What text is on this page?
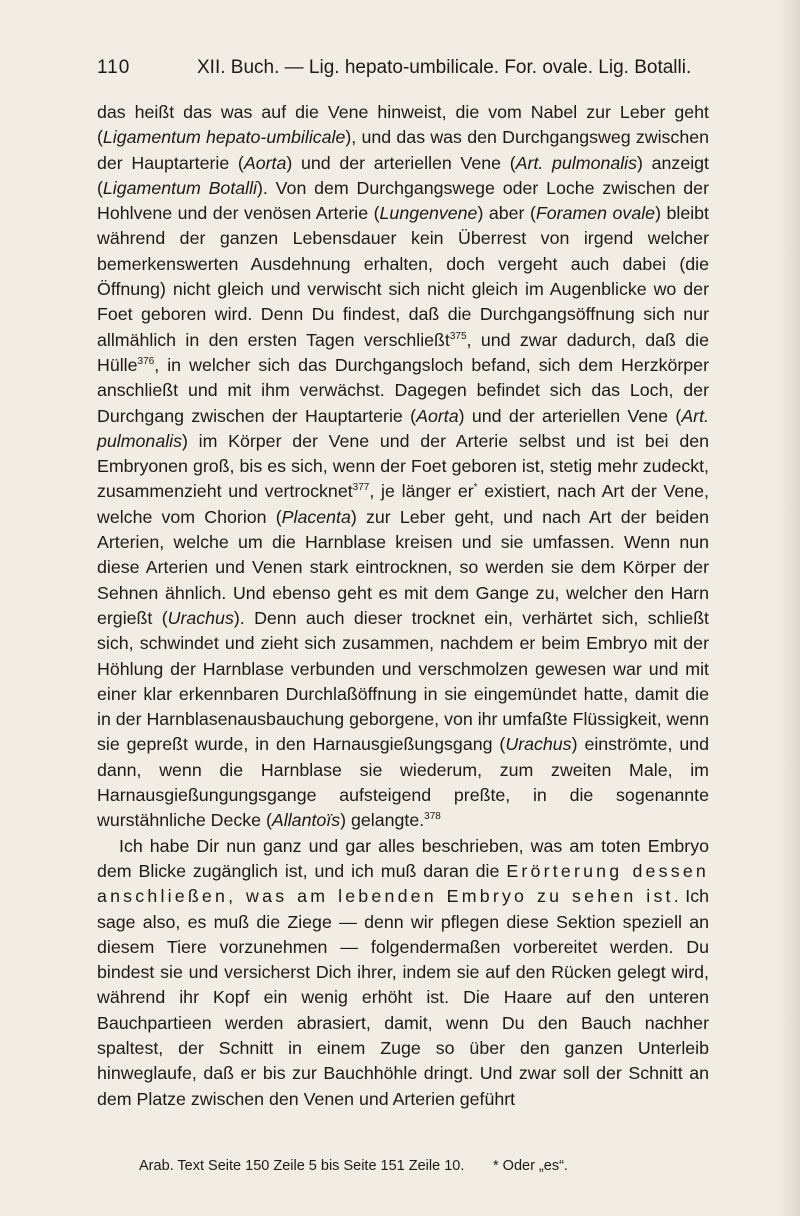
110	XII. Buch. — Lig. hepato-umbilicale. For. ovale. Lig. Botalli.

das heißt das was auf die Vene hinweist, die vom Nabel zur Leber geht (Ligamentum hepato-umbilicale), und das was den Durchgangsweg zwischen der Hauptarterie (Aorta) und der arteriellen Vene (Art. pulmonalis) anzeigt (Ligamentum Botalli). Von dem Durchgangswege oder Loche zwischen der Hohlvene und der venösen Arterie (Lungenvene) aber (Foramen ovale) bleibt während der ganzen Lebensdauer kein Überrest von irgend welcher bemerkenswerten Ausdehnung erhalten, doch vergeht auch dabei (die Öffnung) nicht gleich und verwischt sich nicht gleich im Augenblicke wo der Foet geboren wird. Denn Du findest, daß die Durchgangsöffnung sich nur allmählich in den ersten Tagen verschließt$^{375}$, und zwar dadurch, daß die Hülle$^{376}$, in welcher sich das Durchgangsloch befand, sich dem Herzkörper anschließt und mit ihm verwächst. Dagegen befindet sich das Loch, der Durchgang zwischen der Hauptarterie (Aorta) und der arteriellen Vene (Art. pulmonalis) im Körper der Vene und der Arterie selbst und ist bei den Embryonen groß, bis es sich, wenn der Foet geboren ist, stetig mehr zudeckt, zusammenzieht und vertrocknet$^{377}$, je länger er* existiert, nach Art der Vene, welche vom Chorion (Placenta) zur Leber geht, und nach Art der beiden Arterien, welche um die Harnblase kreisen und sie umfassen. Wenn nun diese Arterien und Venen stark eintrocknen, so werden sie dem Körper der Sehnen ähnlich. Und ebenso geht es mit dem Gange zu, welcher den Harn ergießt (Urachus). Denn auch dieser trocknet ein, verhärtet sich, schließt sich, schwindet und zieht sich zusammen, nachdem er beim Embryo mit der Höhlung der Harnblase verbunden und verschmolzen gewesen war und mit einer klar erkennbaren Durchlaßöffnung in sie eingemündet hatte, damit die in der Harnblasenausbauchung geborgene, von ihr umfaßte Flüssigkeit, wenn sie gepreßt wurde, in den Harnausgießungsgang (Urachus) einströmte, und dann, wenn die Harnblase sie wiederum, zum zweiten Male, im Harnausgießungungsgange aufsteigend preßte, in die sogenannte wurstähnliche Decke (Allantoïs) gelangte.$^{378}$

Ich habe Dir nun ganz und gar alles beschrieben, was am toten Embryo dem Blicke zugänglich ist, und ich muß daran die Erörterung dessen anschließen, was am lebenden Embryo zu sehen ist. Ich sage also, es muß die Ziege — denn wir pflegen diese Sektion speziell an diesem Tiere vorzunehmen — folgendermaßen vorbereitet werden. Du bindest sie und versicherst Dich ihrer, indem sie auf den Rücken gelegt wird, während ihr Kopf ein wenig erhöht ist. Die Haare auf den unteren Bauchpartieen werden abrasiert, damit, wenn Du den Bauch nachher spaltest, der Schnitt in einem Zuge so über den ganzen Unterleib hinweglaufe, daß er bis zur Bauchhöhle dringt. Und zwar soll der Schnitt an dem Platze zwischen den Venen und Arterien geführt

Arab. Text Seite 150 Zeile 5 bis Seite 151 Zeile 10. * Oder „es“.
